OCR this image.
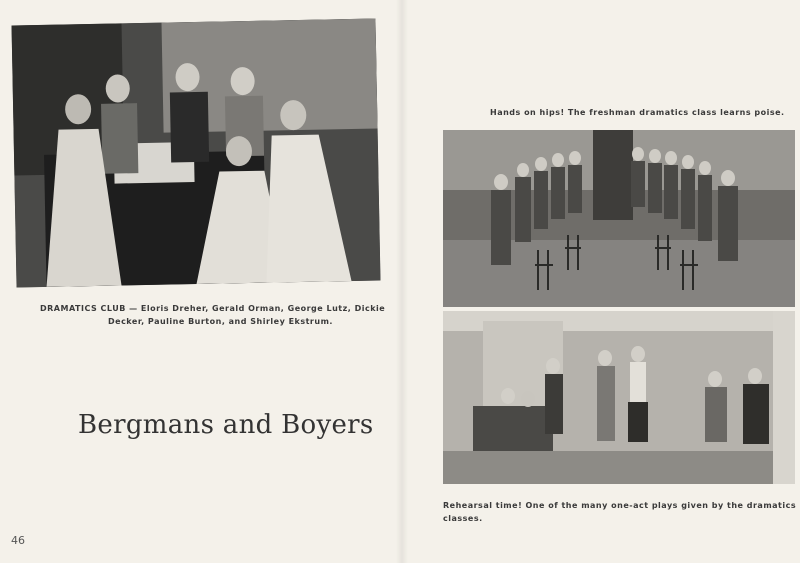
DRAMATICS CLUB — Eloris Dreher, Gerald Orman, George Lutz, Dickie
Decker, Pauline Burton, and Shirley Ekstrum.
Bergmans and Boyers
46
Hands on hips! The freshman dramatics class learns poise.
Rehearsal time! One of the many one-act plays given by the dramatics classes.
